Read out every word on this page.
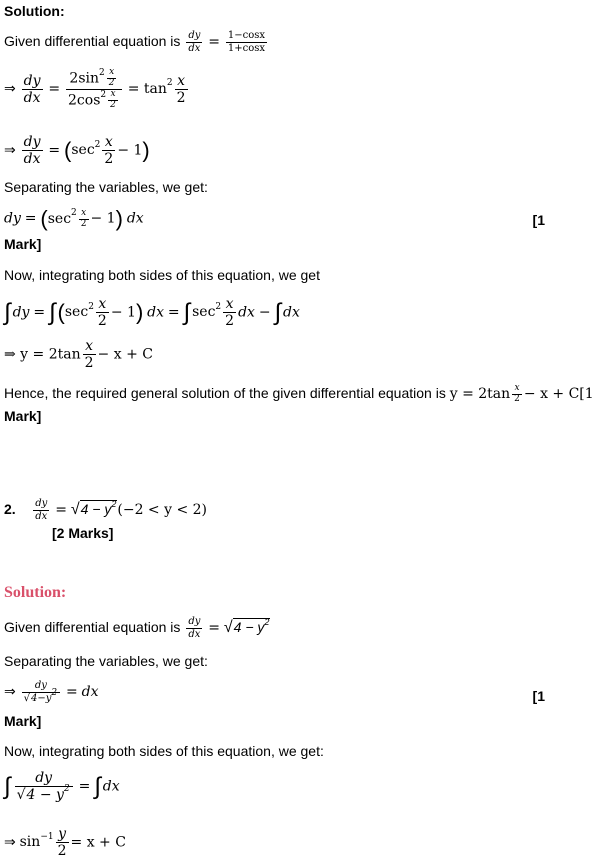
Solution:
Given differential equation is $\frac{dy}{dx} = \frac{1-\cos x}{1+\cos x}$
⇒ $\frac{dy}{dx} = \frac{2\sin^2 \frac{x}{2}}{2\cos^2 \frac{x}{2}} = \tan^2 \frac{x}{2}$
⇒ $\frac{dy}{dx} = (\sec^2 \frac{x}{2} - 1)$
Separating the variables, we get:
dy = $(\sec^2 \frac{x}{2} - 1)$ dx	[1
Mark]
Now, integrating both sides of this equation, we get
∫ dy = $\int(\sec^2 \frac{x}{2} - 1)$ dx = ∫ $\sec^2 \frac{x}{2}$ dx − ∫ dx
⇒ $y = 2\tan \frac{x}{2} - x + C$
Hence, the required general solution of the given differential equation is $y = 2\tan \frac{x}{2} - x + C[1$
Mark]
2. $\frac{dy}{dx} = √4 - y^2(-2 < y < 2)$
[2 Marks]
Solution:
Given differential equation is $\frac{dy}{dx} = √4 - y^2$
Separating the variables, we get:
⇒ $\frac{dy}{√4-y^2}$ = dx	[1
Mark]
Now, integrating both sides of this equation, we get:
∫ $\frac{dy}{√4 - y^2}$ = ∫ dx
⇒ $\sin^{-1} \frac{y}{2} = x + C$
